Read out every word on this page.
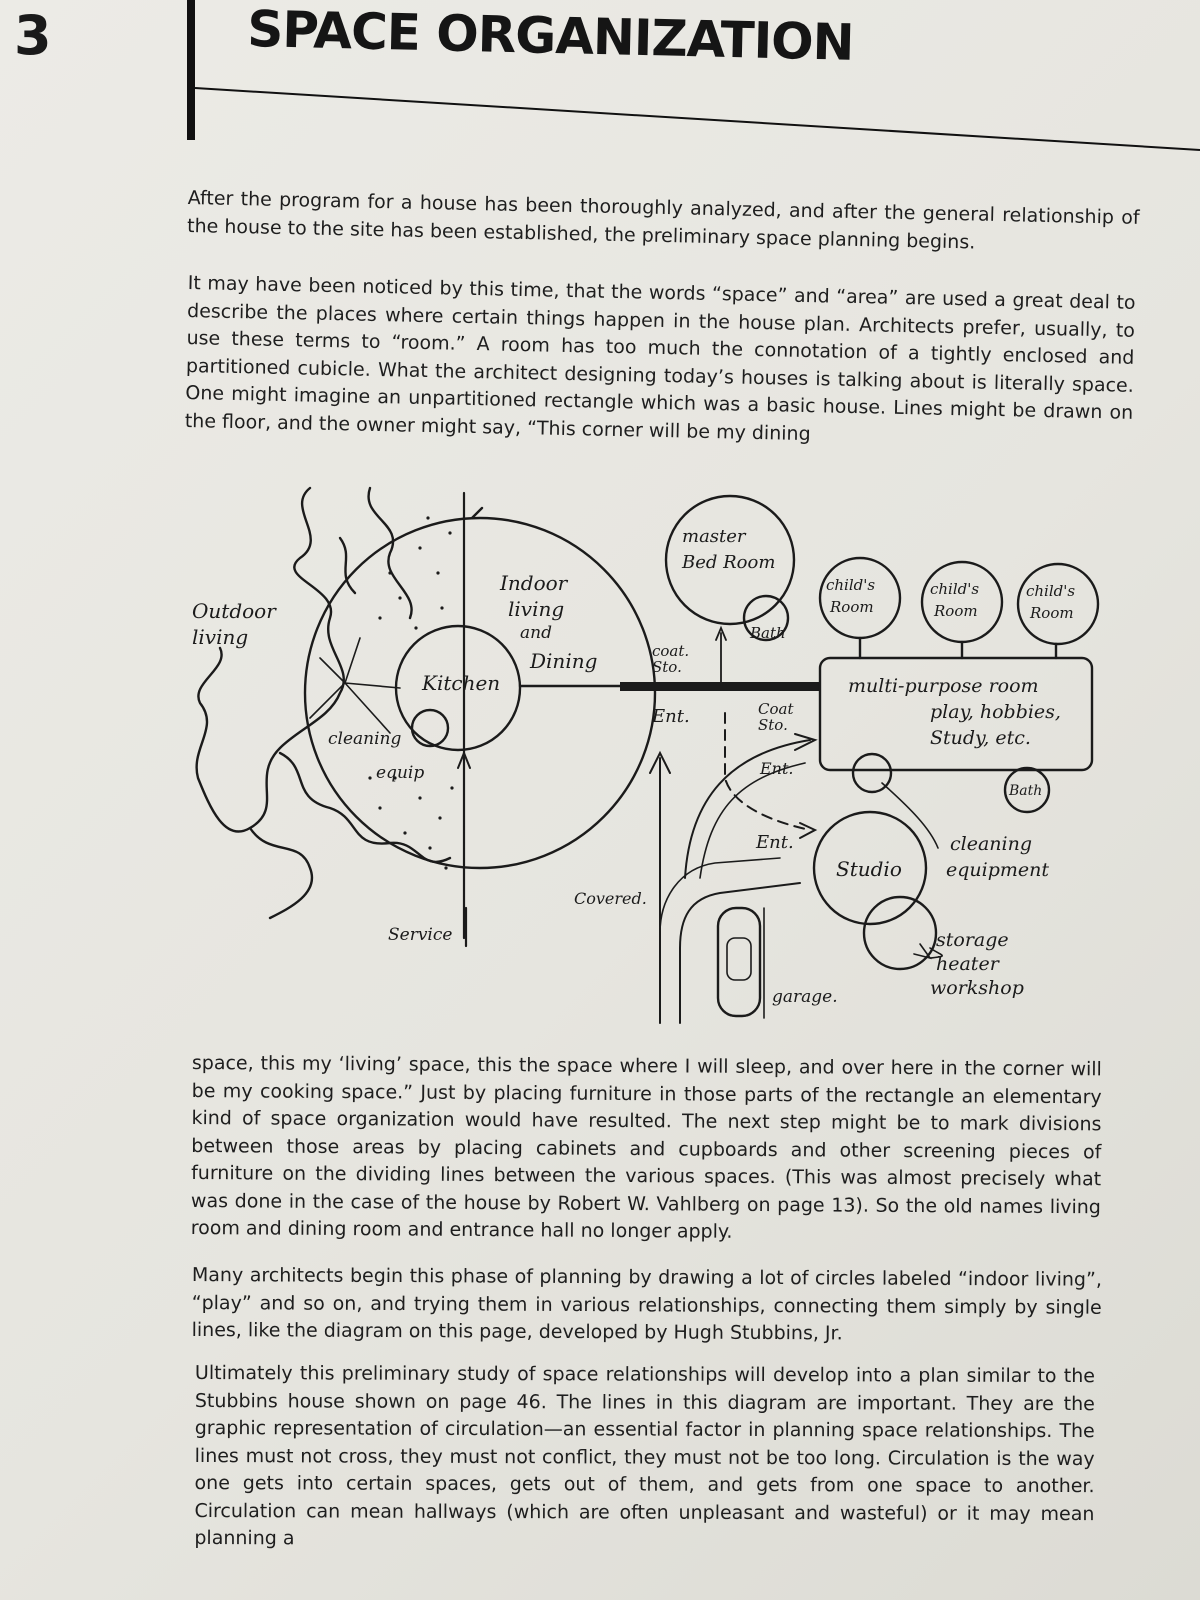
3	SPACE ORGANIZATION

After the program for a house has been thoroughly analyzed, and after the general relationship of the house to the site has been established, the preliminary space planning begins.

It may have been noticed by this time, that the words “space” and “area” are used a great deal to describe the places where certain things happen in the house plan. Architects prefer, usually, to use these terms to “room.” A room has too much the connotation of a tightly enclosed and partitioned cubicle. What the architect designing today’s houses is talking about is literally space. One might imagine an unpartitioned rectangle which was a basic house. Lines might be drawn on the floor, and the owner might say, “This corner will be my dining

Outdoor
living
Indoor
living
and
Dining
Kitchen
cleaning
equip
Service
master
Bed Room
Bath
coat.
Sto.
Ent.	Coat
Sto.
Ent.
Ent.
child's
Room
child's
Room
child's
Room
multi-purpose room
play, hobbies,
Study, etc.
Bath
cleaning
equipment
Studio
storage
heater
workshop
Covered.
garage.

space, this my ‘living’ space, this the space where I will sleep, and over here in the corner will be my cooking space.” Just by placing furniture in those parts of the rectangle an elementary kind of space organization would have resulted. The next step might be to mark divisions between those areas by placing cabinets and cupboards and other screening pieces of furniture on the dividing lines between the various spaces. (This was almost precisely what was done in the case of the house by Robert W. Vahlberg on page 13). So the old names living room and dining room and entrance hall no longer apply.

Many architects begin this phase of planning by drawing a lot of circles labeled “indoor living”, “play” and so on, and trying them in various relationships, connecting them simply by single lines, like the diagram on this page, developed by Hugh Stubbins, Jr.

Ultimately this preliminary study of space relationships will develop into a plan similar to the Stubbins house shown on page 46. The lines in this diagram are important. They are the graphic representation of circulation—an essential factor in planning space relationships. The lines must not cross, they must not conflict, they must not be too long. Circulation is the way one gets into certain spaces, gets out of them, and gets from one space to another. Circulation can mean hallways (which are often unpleasant and wasteful) or it may mean planning a
